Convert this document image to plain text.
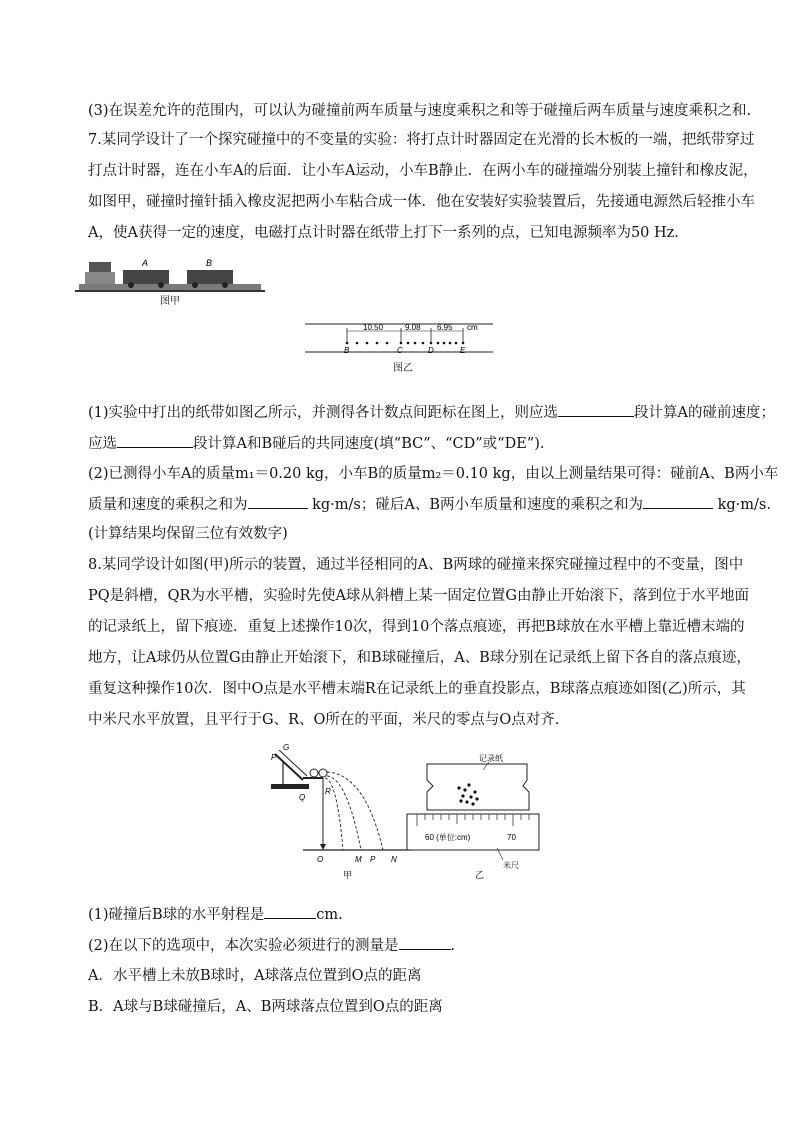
(3)在误差允许的范围内，可以认为碰撞前两车质量与速度乘积之和等于碰撞后两车质量与速度乘积之和.
7.某同学设计了一个探究碰撞中的不变量的实验：将打点计时器固定在光滑的长木板的一端，把纸带穿过
打点计时器，连在小车A的后面．让小车A运动，小车B静止．在两小车的碰撞端分别装上撞针和橡皮泥，
如图甲，碰撞时撞针插入橡皮泥把两小车粘合成一体．他在安装好实验装置后，先接通电源然后轻推小车
A，使A获得一定的速度，电磁打点计时器在纸带上打下一系列的点，已知电源频率为50 Hz.
A	B
图甲
10.50	9.08 6.95 cm
B	C	D	E
图乙
(1)实验中打出的纸带如图乙所示，并测得各计数点间距标在图上，则应选	段计算A的碰前速度；
应选	段计算A和B碰后的共同速度(填“BC”、“CD”或“DE”).
(2)已测得小车A的质量m₁＝0.20 kg，小车B的质量m₂＝0.10 kg，由以上测量结果可得：碰前A、B两小车
质量和速度的乘积之和为	kg·m/s；碰后A、B两小车质量和速度的乘积之和为	kg·m/s.
(计算结果均保留三位有效数字)
8.某同学设计如图(甲)所示的装置，通过半径相同的A、B两球的碰撞来探究碰撞过程中的不变量，图中
PQ是斜槽，QR为水平槽，实验时先使A球从斜槽上某一固定位置G由静止开始滚下，落到位于水平地面
的记录纸上，留下痕迹．重复上述操作10次，得到10个落点痕迹，再把B球放在水平槽上靠近槽末端的
地方，让A球仍从位置G由静止开始滚下，和B球碰撞后，A、B球分别在记录纸上留下各自的落点痕迹，
重复这种操作10次．图中O点是水平槽末端R在记录纸上的垂直投影点，B球落点痕迹如图(乙)所示，其
中米尺水平放置，且平行于G、R、O所在的平面，米尺的零点与O点对齐.
G
P
Q
R
O	M P N
甲
记录纸
60 (单位:cm)	70
米尺
乙
(1)碰撞后B球的水平射程是	cm.
(2)在以下的选项中，本次实验必须进行的测量是	.
A．水平槽上未放B球时，A球落点位置到O点的距离
B．A球与B球碰撞后，A、B两球落点位置到O点的距离
